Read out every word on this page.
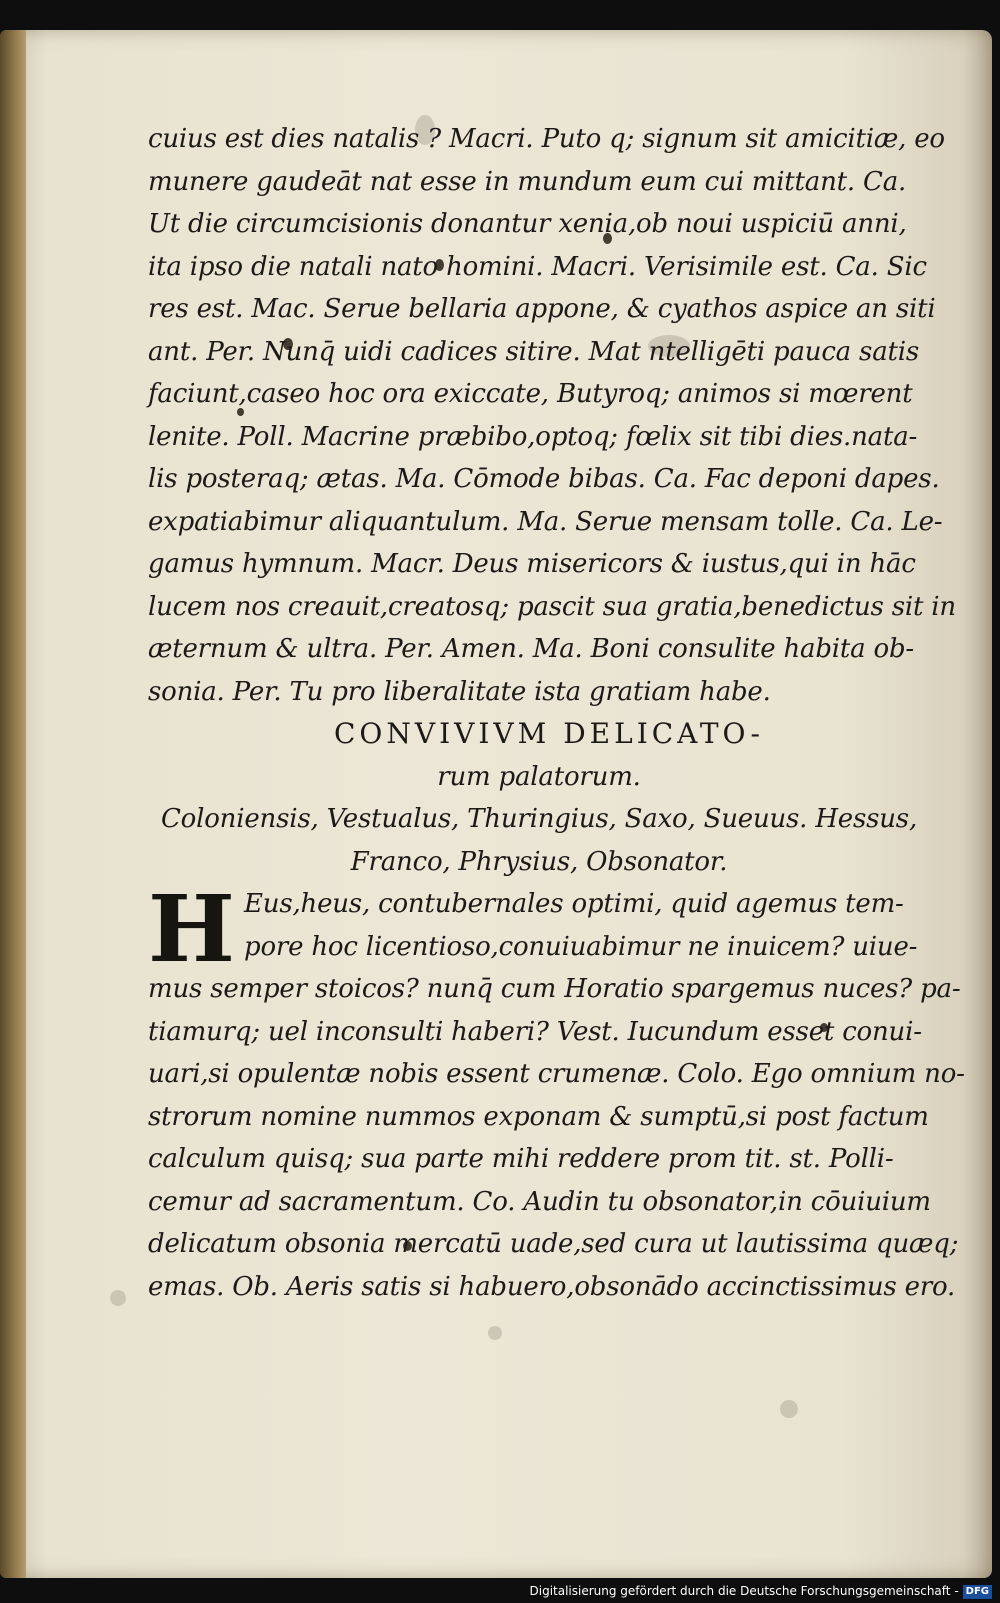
cuius est dies natalis ? Macri. Puto q; signum sit amicitiæ, eo
munere gaudeāt nat esse in mundum eum cui mittant. Ca.
Ut die circumcisionis donantur xenia,ob noui uspiciū anni,
ita ipso die natali nato homini. Macri. Verisimile est. Ca. Sic
res est. Mac. Serue bellaria appone, & cyathos aspice an siti
ant. Per. Nunq̄ uidi cadices sitire. Mat ntelligēti pauca satis
faciunt,caseo hoc ora exiccate, Butyroq; animos si mœrent
lenite. Poll. Macrine præbibo,optoq; fœlix sit tibi dies.nata-
lis posteraq; ætas. Ma. Cōmode bibas. Ca. Fac deponi dapes.
expatiabimur aliquantulum. Ma. Serue mensam tolle. Ca. Le-
gamus hymnum. Macr. Deus misericors & iustus,qui in hāc
lucem nos creauit,creatosq; pascit sua gratia,benedictus sit in
æternum & ultra. Per. Amen. Ma. Boni consulite habita ob-
sonia. Per. Tu pro liberalitate ista gratiam habe.
CONVIVIVM DELICATO-
rum palatorum.
Coloniensis, Vestualus, Thuringius, Saxo, Sueuus. Hessus,
Franco, Phrysius, Obsonator.
H Eus,heus, contubernales optimi, quid agemus tem-
pore hoc licentioso,conuiuabimur ne inuicem? uiue-
mus semper stoicos? nunq̄ cum Horatio spargemus nuces? pa-
tiamurq; uel inconsulti haberi? Vest. Iucundum esset conui-
uari,si opulentæ nobis essent crumenæ. Colo. Ego omnium no-
strorum nomine nummos exponam & sumptū,si post factum
calculum quisq; sua parte mihi reddere prom tit. st. Polli-
cemur ad sacramentum. Co. Audin tu obsonator,in cōuiuium
delicatum obsonia mercatū uade,sed cura ut lautissima quæq;
emas. Ob. Aeris satis si habuero,obsonādo accinctissimus ero.
Digitalisierung gefördert durch die Deutsche Forschungsgemeinschaft - DFG
